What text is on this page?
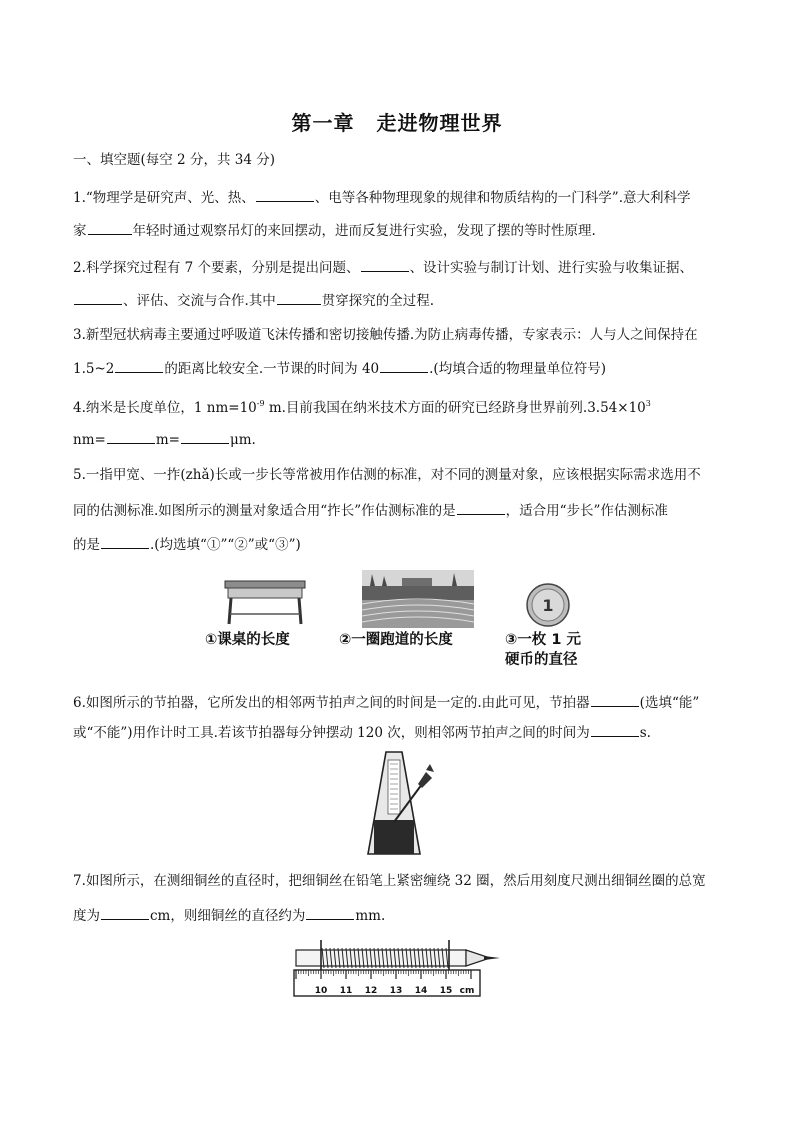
第一章 走进物理世界
一、填空题(每空 2 分，共 34 分)
1.“物理学是研究声、光、热、	、电等各种物理现象的规律和物质结构的一门科学”.意大利科学
家	年轻时通过观察吊灯的来回摆动，进而反复进行实验，发现了摆的等时性原理.
2.科学探究过程有 7 个要素，分别是提出问题、	、设计实验与制订计划、进行实验与收集证据、
、评估、交流与合作.其中	贯穿探究的全过程.
3.新型冠状病毒主要通过呼吸道飞沫传播和密切接触传播.为防止病毒传播，专家表示：人与人之间保持在
1.5~2	的距离比较安全.一节课的时间为 40	.(均填合适的物理量单位符号)
4.纳米是长度单位，1 $nm=10^{-9}$ m.目前我国在纳米技术方面的研究已经跻身世界前列$.3.54\times 10^3$
nm=	m=	μm.
5.一指甲宽、一拃(zhǎ)长或一步长等常被用作估测的标准，对不同的测量对象，应该根据实际需求选用不
同的估测标准.如图所示的测量对象适合用“拃长”作估测标准的是	，适合用“步长”作估测标准
的是	.(均选填“①”“②”或“③”)
1
①课桌的长度	②一圈跑道的长度	③一枚 1 元
硬币的直径
6.如图所示的节拍器，它所发出的相邻两节拍声之间的时间是一定的.由此可见，节拍器	(选填“能”
或“不能”)用作计时工具.若该节拍器每分钟摆动 120 次，则相邻两节拍声之间的时间为	s.
7.如图所示，在测细铜丝的直径时，把细铜丝在铅笔上紧密缠绕 32 圈，然后用刻度尺测出细铜丝圈的总宽
度为	cm，则细铜丝的直径约为	mm.
10 11 12 13 14 15 cm
